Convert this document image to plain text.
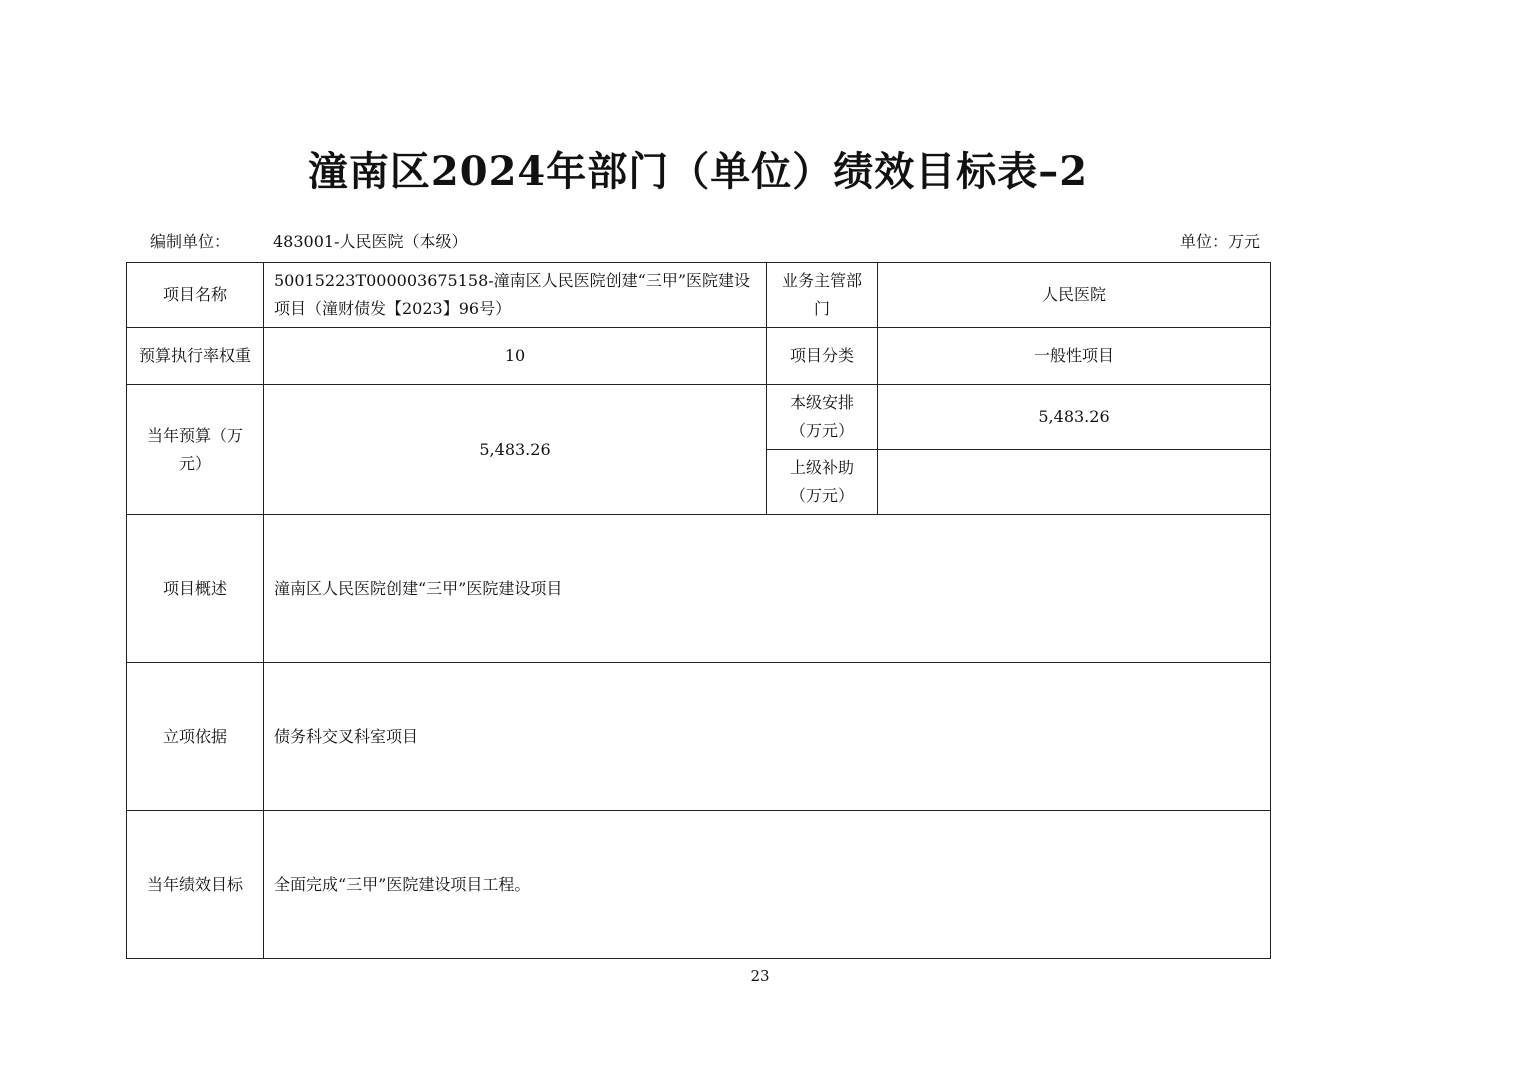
潼南区2024年部门（单位）绩效目标表–2
编制单位：	483001-人民医院（本级）	单位：万元
项目名称	50015223T000003675158-潼南区人民医院创建“三甲”医院建设项目（潼财债发【2023】96号）	业务主管部门	人民医院
预算执行率权重	10	项目分类	一般性项目
当年预算（万元）	5,483.26	本级安排（万元）	5,483.26
		上级补助（万元）	
项目概述	潼南区人民医院创建“三甲”医院建设项目		
立项依据	债务科交叉科室项目		
当年绩效目标	全面完成“三甲”医院建设项目工程。		
23
